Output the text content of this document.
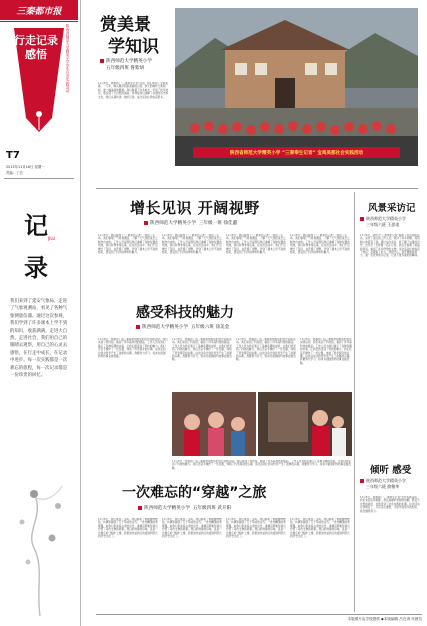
三秦都市报
行走记录感悟	陕西省师范大学精英小学学生社会实践活动
T7
2015年11月16日 星期一
责编：丁芸
记 JILU
录
我们来到了延安气象局，走进了气象观测站，看见了各种气象测量仪器。通过这次参观，我们学到了许多课本上学不到的知识，收获满满。走进大自然，走进社会，我们用自己的眼睛去观察，用自己的心灵去感悟，在行走中成长，在记录中进步。每一次实践都是一次难忘的旅程，每一次记录都是一份珍贵的回忆。
赏美景
学知识
陕西师范大学精英小学
五年级四班 鲁紫妍
11月6日，我参加了“三秦奉生记者”活动，我们来到了宝鸡美都。一下车，映入眼帘的是美丽的山景，秋天的树叶红黄相间，像一幅美丽的图画。我们参观了许多地方，学到了很多知识，感受到了大自然的美丽。老师给我们讲解了这里的历史和文化，我们认真听讲，做好记录。这次活动让我收获很多。
陕西省师范大学精英小学 “三秦奉生记者” 宝鸡美都社会实践活动
增长见识 开阔视野
陕西师范大学精英小学 三年级一班 徐佳蕙
11月6日，我们参加了“三秦奉生记者”，来到了宝鸡。我们参观了气象观测站，了解了天气预报是怎么制作出来的。工作人员叔叔给我们讲解了各种仪器的用途，我们听得非常认真。在这次活动中，我们不仅增长了见识，也开阔了视野，学到了课本上学不到的知识，感受到了科学的神奇和魅力。
11月6日，我们参加了“三秦奉生记者”，来到了宝鸡。我们参观了气象观测站，了解了天气预报是怎么制作出来的。工作人员叔叔给我们讲解了各种仪器的用途，我们听得非常认真。在这次活动中，我们不仅增长了见识，也开阔了视野，学到了课本上学不到的知识，感受到了科学的神奇和魅力。
11月6日，我们参加了“三秦奉生记者”，来到了宝鸡。我们参观了气象观测站，了解了天气预报是怎么制作出来的。工作人员叔叔给我们讲解了各种仪器的用途，我们听得非常认真。在这次活动中，我们不仅增长了见识，也开阔了视野，学到了课本上学不到的知识，感受到了科学的神奇和魅力。
11月6日，我们参加了“三秦奉生记者”，来到了宝鸡。我们参观了气象观测站，了解了天气预报是怎么制作出来的。工作人员叔叔给我们讲解了各种仪器的用途，我们听得非常认真。在这次活动中，我们不仅增长了见识，也开阔了视野，学到了课本上学不到的知识，感受到了科学的神奇和魅力。
感受科技的魅力
陕西师范大学精英小学 五年级六班 徐美金
11月6日，我参加了由三秦都市报组织的社会实践活动。我们来到了科技馆，看到了许多高科技的展品。工作人员为我们演示了各种有趣的实验，让我们感受到了科技的魅力。我们还亲手操作了一些仪器，体验了科学探究的乐趣。这次活动让我对科学产生了浓厚的兴趣，我要努力学习，将来为祖国的科技事业做贡献。
11月6日，我参加了由三秦都市报组织的社会实践活动。我们来到了科技馆，看到了许多高科技的展品。工作人员为我们演示了各种有趣的实验，让我们感受到了科技的魅力。我们还亲手操作了一些仪器，体验了科学探究的乐趣。这次活动让我对科学产生了浓厚的兴趣，我要努力学习，将来为祖国的科技事业做贡献。
11月6日，我参加了由三秦都市报组织的社会实践活动。我们来到了科技馆，看到了许多高科技的展品。工作人员为我们演示了各种有趣的实验，让我们感受到了科技的魅力。我们还亲手操作了一些仪器，体验了科学探究的乐趣。这次活动让我对科学产生了浓厚的兴趣，我要努力学习，将来为祖国的科技事业做贡献。
11月6日，我参加了由三秦都市报组织的社会实践活动。我们来到了科技馆，看到了许多高科技的展品。工作人员为我们演示了各种有趣的实验，让我们感受到了科技的魅力。我们还亲手操作了一些仪器，体验了科学探究的乐趣。这次活动让我对科学产生了浓厚的兴趣，我要努力学习，将来为祖国的科技事业做贡献。
11月6日，我参加了由三秦都市报组织的社会实践活动。我们来到了科技馆，看到了许多高科技的展品。工作人员为我们演示了各种有趣的实验，让我们感受到了科技的魅力。我们还亲手操作了一些仪器，体验了科学探究的乐趣。这次活动让我对科学产生了浓厚的兴趣，我要努力学习，将来为祖国的科技事业做贡献。
一次难忘的“穿越”之旅
陕西师范大学精英小学 五年级四班 武开阳
11月6日，我们来到了宝鸡。我们参观了青铜器博物馆，仿佛穿越到了几千年前的古代。一件件精美的青铜器，向我们诉说着古老的历史。讲解员阿姨给我们介绍了每件文物的故事，我们听得津津有味。这是一次难忘的“穿越”之旅，我更加热爱我们的祖国和悠久的历史文化了。
11月6日，我们来到了宝鸡。我们参观了青铜器博物馆，仿佛穿越到了几千年前的古代。一件件精美的青铜器，向我们诉说着古老的历史。讲解员阿姨给我们介绍了每件文物的故事，我们听得津津有味。这是一次难忘的“穿越”之旅，我更加热爱我们的祖国和悠久的历史文化了。
11月6日，我们来到了宝鸡。我们参观了青铜器博物馆，仿佛穿越到了几千年前的古代。一件件精美的青铜器，向我们诉说着古老的历史。讲解员阿姨给我们介绍了每件文物的故事，我们听得津津有味。这是一次难忘的“穿越”之旅，我更加热爱我们的祖国和悠久的历史文化了。
11月6日，我们来到了宝鸡。我们参观了青铜器博物馆，仿佛穿越到了几千年前的古代。一件件精美的青铜器，向我们诉说着古老的历史。讲解员阿姨给我们介绍了每件文物的故事，我们听得津津有味。这是一次难忘的“穿越”之旅，我更加热爱我们的祖国和悠久的历史文化了。
风景采访记
陕西师范大学精英小学
三年级六班 王思诺
11月6日，我作为“三秦奉生记者”参加了社会实践活动，采访了景区的工作人员。我问了许多问题，叔叔耐心地回答了我。通过这次采访，我了解了这里的历史，也学会了怎样做一名小记者。我们还参观了美丽的风景，看到了许多珍贵的文物。这次活动让我收获了知识，也锻炼了能力，我很开心。我还要继续努力，做一名优秀的小记者，记录下更多美好的瞬间。
倾听 感受
陕西师范大学精英小学
三年级六班 俞稚华
11月6日，我参加了“三秦奉生记者”社会实践活动，我们来到宝鸡美都。我认真倾听老师的讲解，感受大自然的美好，也感受到了社会实践的乐趣。这次活动让我明白了，只有走出课堂，才能学到更多的知识，我会继续努力。
本版图片由学校提供 ◆本版编辑 吕在涛 代理员
